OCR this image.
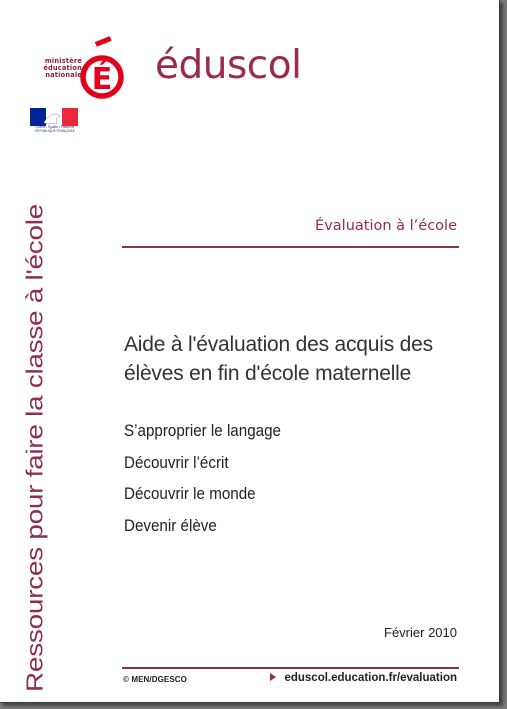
ministère
éducation
nationale É éduscol
Liberté • Égalité • Fraternité
RÉPUBLIQUE FRANÇAISE
Ressources pour faire la classe à l'école	Évaluation à l’école
Aide à l'évaluation des acquis des
élèves en fin d'école maternelle
S’approprier le langage
Découvrir l’écrit
Découvrir le monde
Devenir élève
Février 2010
© MEN/DGESCO	eduscol.education.fr/evaluation
